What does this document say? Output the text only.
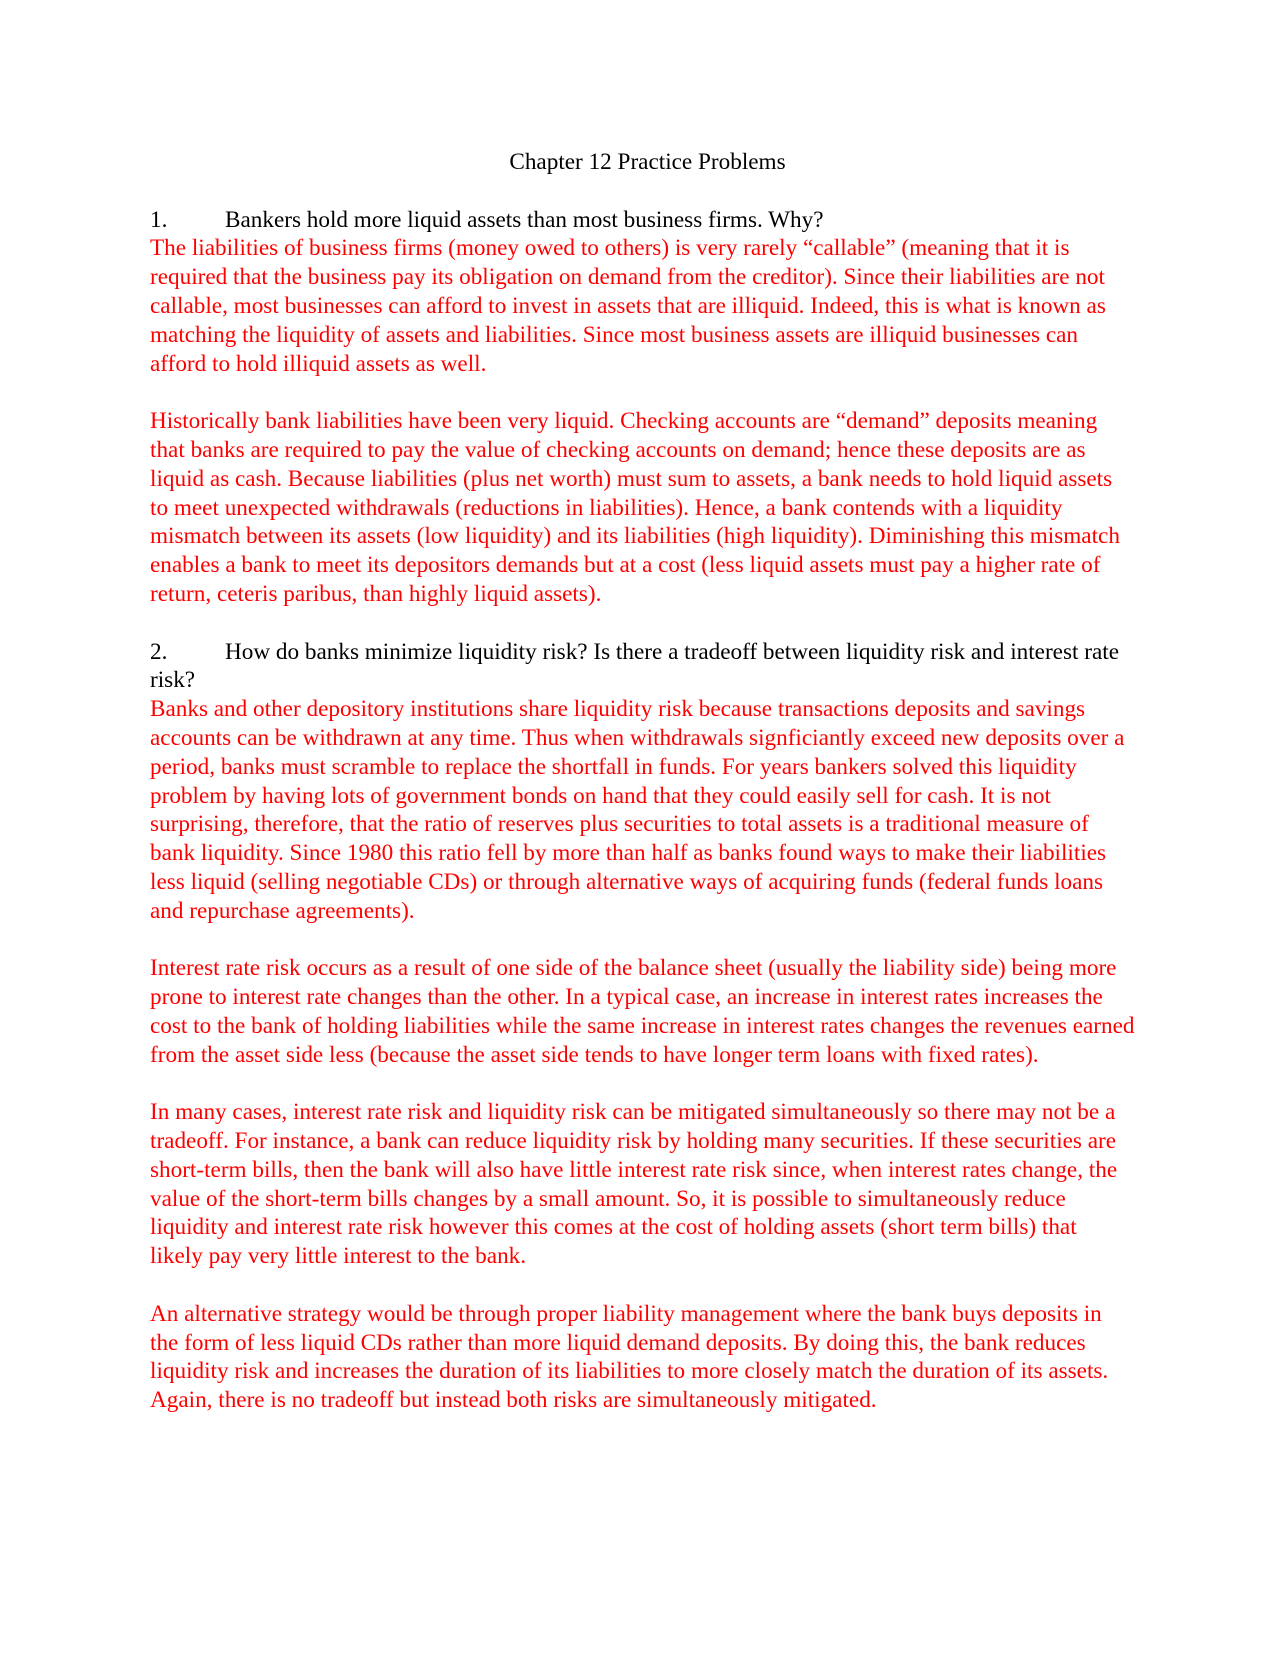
Chapter 12 Practice Problems

1. Bankers hold more liquid assets than most business firms. Why?

The liabilities of business firms (money owed to others) is very rarely “callable” (meaning that it is required that the business pay its obligation on demand from the creditor). Since their liabilities are not callable, most businesses can afford to invest in assets that are illiquid. Indeed, this is what is known as matching the liquidity of assets and liabilities. Since most business assets are illiquid businesses can afford to hold illiquid assets as well.

Historically bank liabilities have been very liquid. Checking accounts are “demand” deposits meaning that banks are required to pay the value of checking accounts on demand; hence these deposits are as liquid as cash. Because liabilities (plus net worth) must sum to assets, a bank needs to hold liquid assets to meet unexpected withdrawals (reductions in liabilities). Hence, a bank contends with a liquidity mismatch between its assets (low liquidity) and its liabilities (high liquidity). Diminishing this mismatch enables a bank to meet its depositors demands but at a cost (less liquid assets must pay a higher rate of return, ceteris paribus, than highly liquid assets).

2. How do banks minimize liquidity risk? Is there a tradeoff between liquidity risk and interest rate risk?

Banks and other depository institutions share liquidity risk because transactions deposits and savings accounts can be withdrawn at any time. Thus when withdrawals signficiantly exceed new deposits over a period, banks must scramble to replace the shortfall in funds. For years bankers solved this liquidity problem by having lots of government bonds on hand that they could easily sell for cash. It is not surprising, therefore, that the ratio of reserves plus securities to total assets is a traditional measure of bank liquidity. Since 1980 this ratio fell by more than half as banks found ways to make their liabilities less liquid (selling negotiable CDs) or through alternative ways of acquiring funds (federal funds loans and repurchase agreements).

Interest rate risk occurs as a result of one side of the balance sheet (usually the liability side) being more prone to interest rate changes than the other. In a typical case, an increase in interest rates increases the cost to the bank of holding liabilities while the same increase in interest rates changes the revenues earned from the asset side less (because the asset side tends to have longer term loans with fixed rates).

In many cases, interest rate risk and liquidity risk can be mitigated simultaneously so there may not be a tradeoff. For instance, a bank can reduce liquidity risk by holding many securities. If these securities are short-term bills, then the bank will also have little interest rate risk since, when interest rates change, the value of the short-term bills changes by a small amount. So, it is possible to simultaneously reduce liquidity and interest rate risk however this comes at the cost of holding assets (short term bills) that likely pay very little interest to the bank.

An alternative strategy would be through proper liability management where the bank buys deposits in the form of less liquid CDs rather than more liquid demand deposits. By doing this, the bank reduces liquidity risk and increases the duration of its liabilities to more closely match the duration of its assets. Again, there is no tradeoff but instead both risks are simultaneously mitigated.
